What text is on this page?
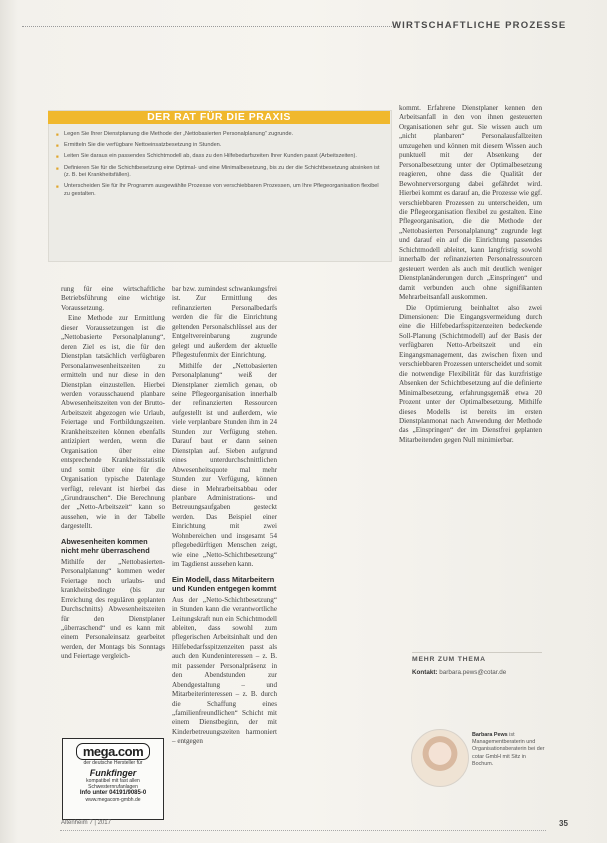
WIRTSCHAFTLICHE PROZESSE
DER RAT FÜR DIE PRAXIS
■ Legen Sie Ihrer Dienstplanung die Methode der „Nettobasierten Personalplanung“ zugrunde.
■ Ermitteln Sie die verfügbare Nettoeinsatzbesetzung in Stunden.
■ Leiten Sie daraus ein passendes Schichtmodell ab, dass zu den Hilfebedarfszeiten Ihrer Kunden passt (Arbeitszeiten).
■ Definieren Sie für die Schichtbesetzung eine Optimal- und eine Minimalbesetzung, bis zu der die Schichtbesetzung absinken ist (z. B. bei Krankheitsfällen).
■ Unterscheiden Sie für Ihr Programm ausgewählte Prozesse von verschiebbaren Prozessen, um Ihre Pflegeorganisation flexibel zu gestalten.

rung für eine wirtschaftliche Betriebsführung eine wichtige Voraussetzung.

Eine Methode zur Ermittlung dieser Voraussetzungen ist die „Nettobasierte Personalplanung“, deren Ziel es ist, die für den Dienstplan tatsächlich verfügbaren Personalanwesenheitszeiten zu ermitteln und nur diese in den Dienstplan einzustellen. Hierbei werden vorausschauend planbare Abwesenheitszeiten von der Brutto-Arbeitszeit abgezogen wie Urlaub, Feiertage und Fortbildungszeiten. Krankheitszeiten können ebenfalls antizipiert werden, wenn die Organisation über eine entsprechende Krankheitsstatistik und somit über eine für die Organisation typische Datenlage verfügt, relevant ist hierbei das „Grundrauschen“. Die Berechnung der „Netto-Arbeitszeit“ kann so aussehen, wie in der Tabelle dargestellt.

Abwesenheiten kommen nicht mehr überraschend

Mithilfe der „Nettobasierten-Personalplanung“ kommen weder Feiertage noch urlaubs- und krankheitsbedingte (bis zur Erreichung des regulären geplanten Durchschnitts) Abwesenheitszeiten für den Dienstplaner „überraschend“ und es kann mit einem Personaleinsatz gearbeitet werden, der Montags bis Sonntags und Feiertage vergleich-

bar bzw. zumindest schwankungsfrei ist. Zur Ermittlung des refinanzierten Personalbedarfs werden die für die Einrichtung geltenden Personalschlüssel aus der Entgeltvereinbarung zugrunde gelegt und außerdem der aktuelle Pflegestufenmix der Einrichtung.

Mithilfe der „Nettobasierten Personalplanung“ weiß der Dienstplaner ziemlich genau, ob seine Pflegeorganisation innerhalb der refinanzierten Ressourcen aufgestellt ist und außerdem, wie viele verplanbare Stunden ihm in 24 Stunden zur Verfügung stehen. Darauf baut er dann seinen Dienstplan auf. Sieben aufgrund eines unterdurchschnittlichen Abwesenheitsquote mal mehr Stunden zur Verfügung, können diese in Mehrarbeitsabbau oder planbare Administrations- und Betreuungsaufgaben gesteckt werden. Das Beispiel einer Einrichtung mit zwei Wohnbereichen und insgesamt 54 pflegebedürftigen Menschen zeigt, wie eine „Netto-Schichtbesetzung“ im Tagdienst aussehen kann.

Ein Modell, dass Mitarbeitern und Kunden entgegen kommt

Aus der „Netto-Schichtbesetzung“ in Stunden kann die verantwortliche Leitungskraft nun ein Schichtmodell ableiten, dass sowohl zum pflegerischen Arbeitsinhalt und den Hilfebedarfsspitzenzeiten passt als auch den Kundeninteressen – z. B. mit passender Personalpräsenz in den Abendstunden zur Abendgestaltung – und Mitarbeiterinteressen – z. B. durch die Schaffung eines „familienfreundlichen“ Schicht mit einem Dienstbeginn, der mit Kinderbetreuungszeiten harmoniert – entgegen

kommt. Erfahrene Dienstplaner kennen den Arbeitsanfall in den von ihnen gesteuerten Organisationen sehr gut. Sie wissen auch um „nicht planbaren“ Personalausfallzeiten umzugehen und können mit diesem Wissen auch punktuell mit der Absenkung der Personalbesetzung unter der Optimalbesetzung reagieren, ohne dass die Qualität der Bewohnerversorgung dabei gefährdet wird. Hierbei kommt es darauf an, die Prozesse wie ggf. verschiebbaren Prozessen zu unterscheiden, um die Pflegeorganisation flexibel zu gestalten. Eine Pflegeorganisation, die die Methode der „Nettobasierten Personalplanung“ zugrunde legt und darauf ein auf die Einrichtung passendes Schichtmodell ableitet, kann langfristig sowohl innerhalb der refinanzierten Personalressourcen gesteuert werden als auch mit deutlich weniger Dienstplanänderungen durch „Einspringen“ und damit verbunden auch ohne signifikanten Mehrarbeitsanfall auskommen.

Die Optimierung beinhaltet also zwei Dimensionen: Die Eingangsvermeidung durch eine die Hilfebedarfsspitzenzeiten bedeckende Soll-Planung (Schichtmodell) auf der Basis der verfügbaren Netto-Arbeitszeit und ein Eingangsmanagement, das zwischen fixen und verschiebbaren Prozessen unterscheidet und somit die notwendige Flexibilität für das kurzfristige Absenken der Schichtbesetzung auf die definierte Minimalbesetzung, erfahrungsgemäß etwa 20 Prozent unter der Optimalbesetzung. Mithilfe dieses Modells ist bereits im ersten Dienstplanmonat nach Anwendung der Methode das „Einspringen“ der im Dienstfrei geplanten Mitarbeitenden gegen Null minimierbar.

mega.com
der deutsche Hersteller für
Funkfinger
kompatibel mit fast allen
Schwesternrufanlagen
Info unter 04191/9085-0
www.megacom-gmbh.de
MEHR ZUM THEMA
Kontakt: barbara.pews@cotar.de
Barbara Pews ist Managementberaterin und Organisationsberaterin bei der cotar GmbH mit Sitz in Bochum.
Altenheim 7 | 2017	35
